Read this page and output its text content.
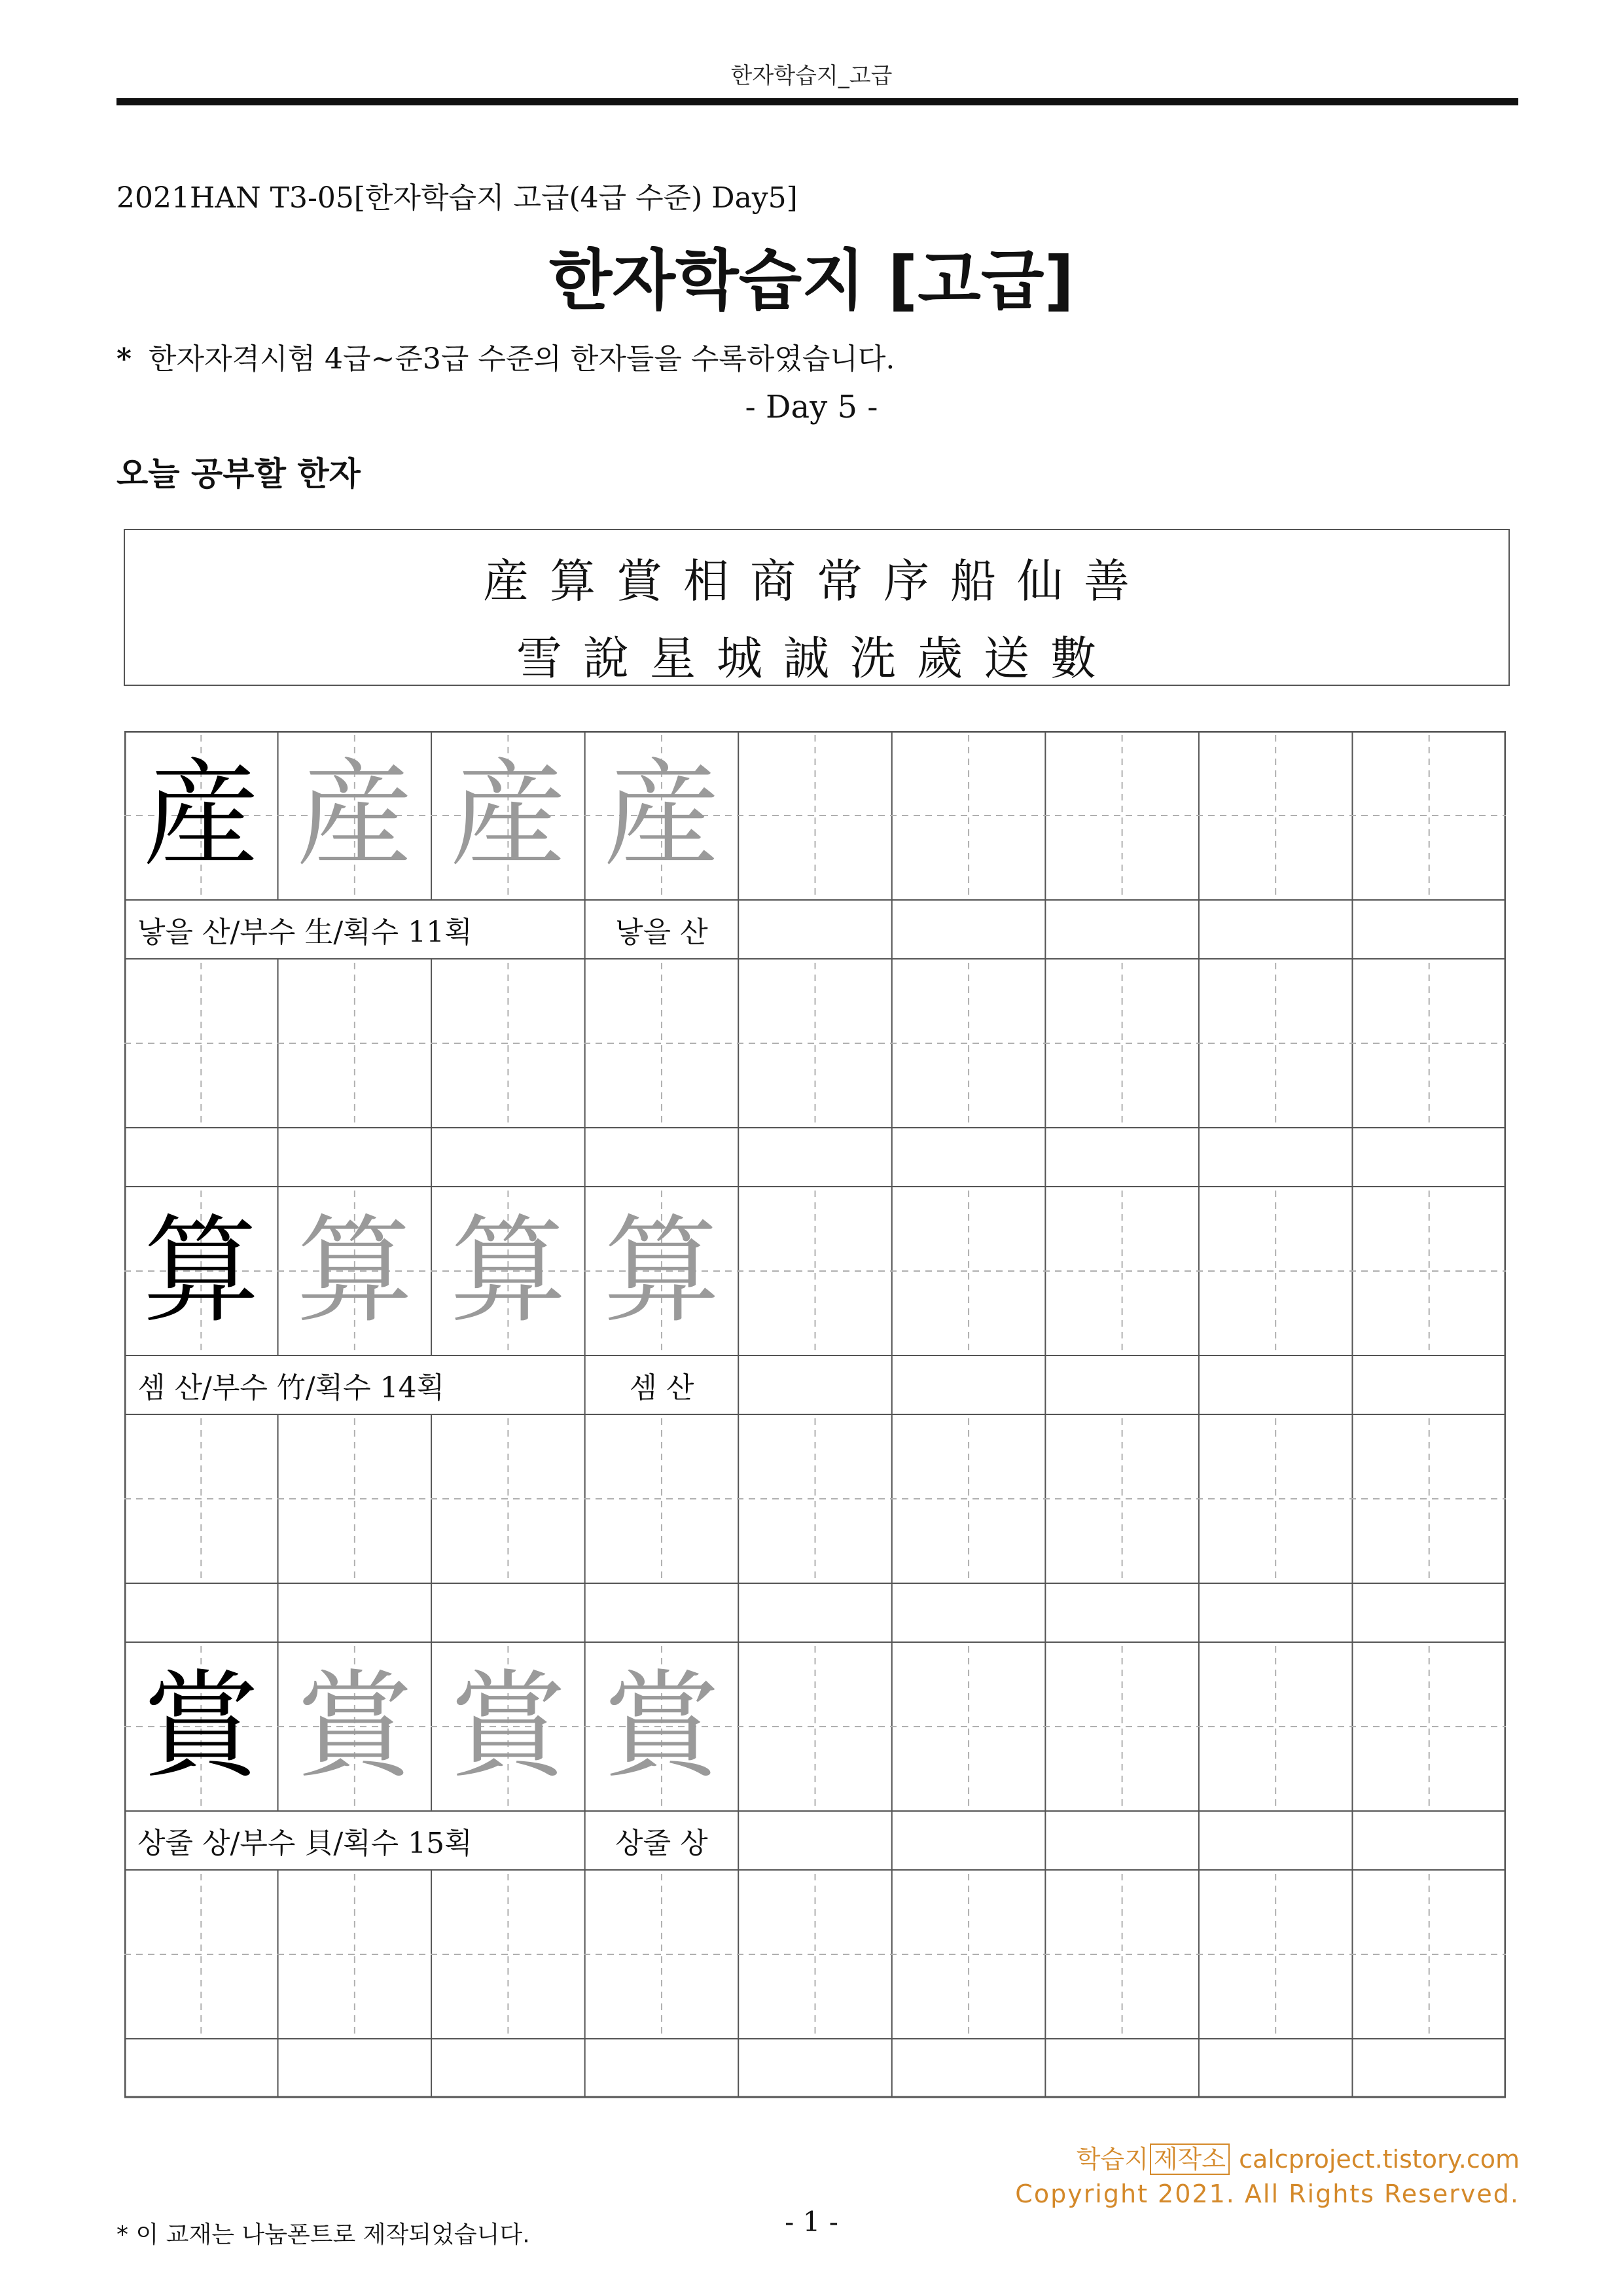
한자학습지_고급
2021HAN T3-05[한자학습지 고급(4급 수준) Day5]
한자학습지 [고급]
* 한자자격시험 4급~준3급 수준의 한자들을 수록하였습니다.
- Day 5 -
오늘 공부할 한자
産算賞相商常序船仙善
雪說星城誠洗歲送數
産 産 産 産
낳을 산/부수 生/획수 11획	낳을 산
算 算 算 算
셈 산/부수 竹/획수 14획	셈 산
賞 賞 賞 賞
상줄 상/부수 貝/획수 15획	상줄 상
학습지 제작소 calcproject.tistory.com
Copyright 2021. All Rights Reserved.
* 이 교재는 나눔폰트로 제작되었습니다.	- 1 -
